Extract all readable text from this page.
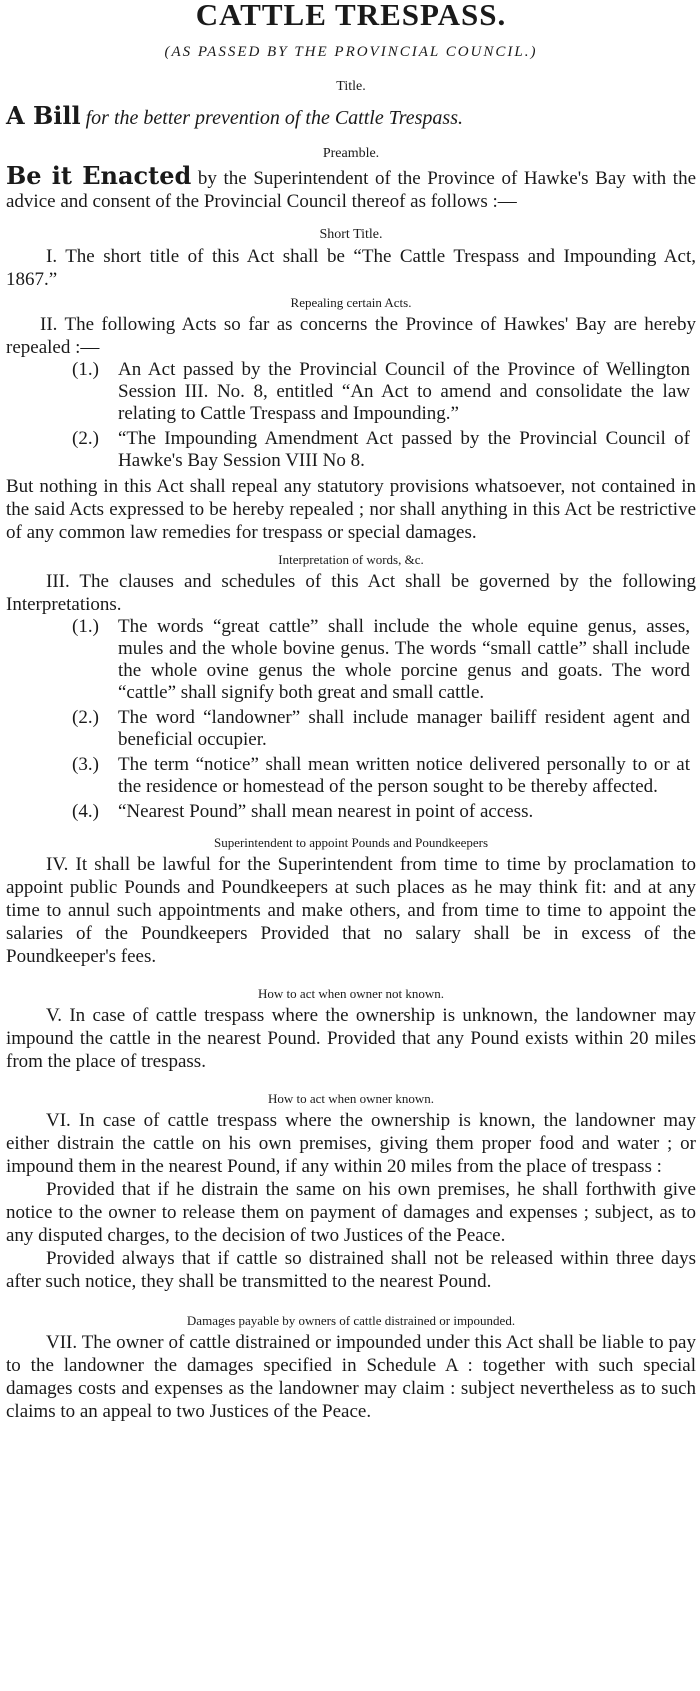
CATTLE TRESPASS.
(AS PASSED BY THE PROVINCIAL COUNCIL.)
Title.
A Bill for the better prevention of the Cattle Trespass.
Preamble.

Be it Enacted by the Superintendent of the Province of Hawke's Bay with the advice and consent of the Provincial Council thereof as follows :—

Short Title.

I. The short title of this Act shall be “The Cattle Trespass and Impounding Act, 1867.”

Repealing certain Acts.

II. The following Acts so far as concerns the Province of Hawkes' Bay are hereby repealed :—

(1.)	An Act passed by the Provincial Council of the Province of Wellington Session III. No. 8, entitled “An Act to amend and consolidate the law relating to Cattle Trespass and Impounding.”
(2.)	“The Impounding Amendment Act passed by the Provincial Council of Hawke's Bay Session VIII No 8.

But nothing in this Act shall repeal any statutory provisions whatsoever, not contained in the said Acts expressed to be hereby repealed ; nor shall anything in this Act be restrictive of any common law remedies for trespass or special damages.

Interpretation of words, &c.

III. The clauses and schedules of this Act shall be governed by the following Interpretations.

(1.)	The words “great cattle” shall include the whole equine genus, asses, mules and the whole bovine genus. The words “small cattle” shall include the whole ovine genus the whole porcine genus and goats. The word “cattle” shall signify both great and small cattle.
(2.)	The word “landowner” shall include manager bailiff resident agent and beneficial occupier.
(3.)	The term “notice” shall mean written notice delivered personally to or at the residence or homestead of the person sought to be thereby affected.
(4.)	“Nearest Pound” shall mean nearest in point of access.
Superintendent to appoint Pounds and Poundkeepers

IV. It shall be lawful for the Superintendent from time to time by proclamation to appoint public Pounds and Poundkeepers at such places as he may think fit: and at any time to annul such appointments and make others, and from time to time to appoint the salaries of the Poundkeepers Provided that no salary shall be in excess of the Poundkeeper's fees.

How to act when owner not known.

V. In case of cattle trespass where the ownership is unknown, the landowner may impound the cattle in the nearest Pound. Provided that any Pound exists within 20 miles from the place of trespass.

How to act when owner known.

VI. In case of cattle trespass where the ownership is known, the landowner may either distrain the cattle on his own premises, giving them proper food and water ; or impound them in the nearest Pound, if any within 20 miles from the place of trespass :

Provided that if he distrain the same on his own premises, he shall forthwith give notice to the owner to release them on payment of damages and expenses ; subject, as to any disputed charges, to the decision of two Justices of the Peace.

Provided always that if cattle so distrained shall not be released within three days after such notice, they shall be transmitted to the nearest Pound.

Damages payable by owners of cattle distrained or impounded.

VII. The owner of cattle distrained or impounded under this Act shall be liable to pay to the landowner the damages specified in Schedule A : together with such special damages costs and expenses as the landowner may claim : subject nevertheless as to such claims to an appeal to two Justices of the Peace.
